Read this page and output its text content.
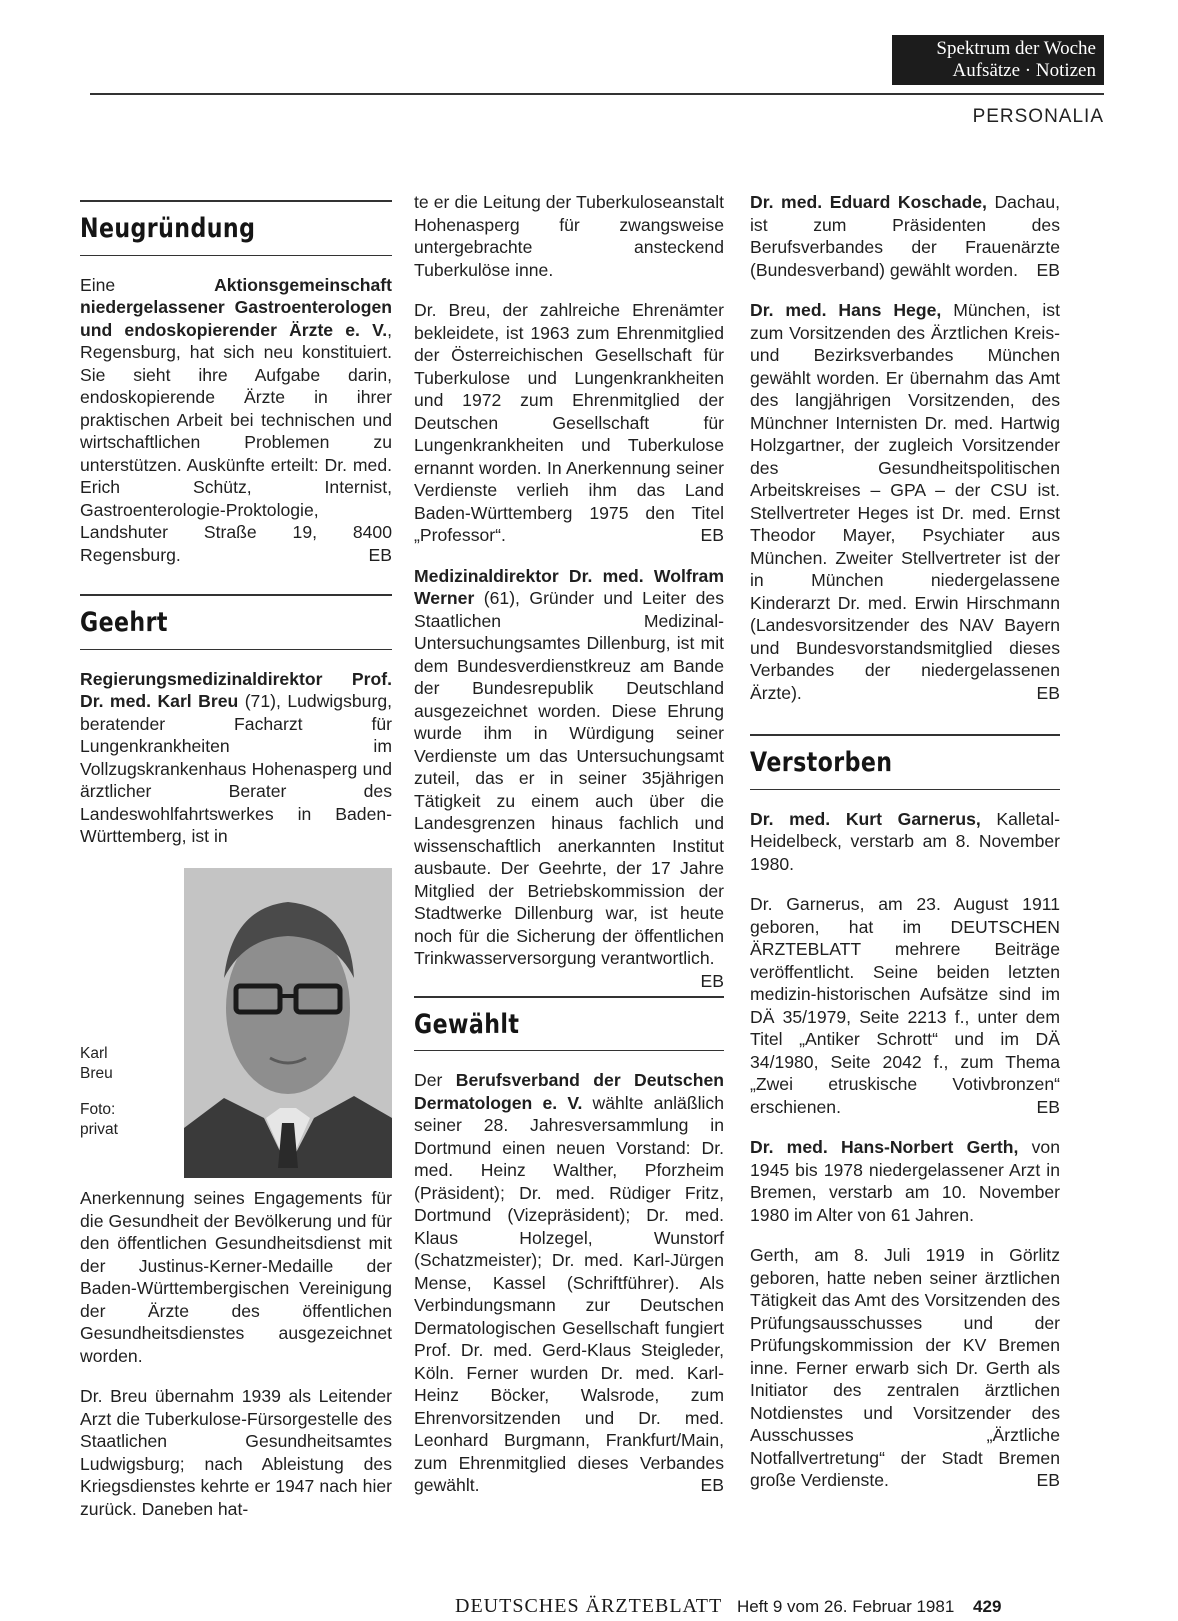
Spektrum der Woche
Aufsätze · Notizen
PERSONALIA
Neugründung

Eine Aktionsgemeinschaft niedergelassener Gastroenterologen und endoskopierender Ärzte e. V., Regensburg, hat sich neu konstituiert. Sie sieht ihre Aufgabe darin, endoskopierende Ärzte in ihrer praktischen Arbeit bei technischen und wirtschaftlichen Problemen zu unterstützen. Auskünfte erteilt: Dr. med. Erich Schütz, Internist, Gastroenterologie-Proktologie, Landshuter Straße 19, 8400 Regensburg.	EB

Geehrt

Regierungsmedizinaldirektor Prof. Dr. med. Karl Breu (71), Ludwigsburg, beratender Facharzt für Lungenkrankheiten im Vollzugskrankenhaus Hohenasperg und ärztlicher Berater des Landeswohlfahrtswerkes in Baden-Württemberg, ist in

Karl
Breu
Foto:
privat

Anerkennung seines Engagements für die Gesundheit der Bevölkerung und für den öffentlichen Gesundheitsdienst mit der Justinus-Kerner-Medaille der Baden-Württembergischen Vereinigung der Ärzte des öffentlichen Gesundheitsdienstes ausgezeichnet worden.

Dr. Breu übernahm 1939 als Leitender Arzt die Tuberkulose-Fürsorgestelle des Staatlichen Gesundheitsamtes Ludwigsburg; nach Ableistung des Kriegsdienstes kehrte er 1947 nach hier zurück. Daneben hat-

te er die Leitung der Tuberkuloseanstalt Hohenasperg für zwangsweise untergebrachte ansteckend Tuberkulöse inne.

Dr. Breu, der zahlreiche Ehrenämter bekleidete, ist 1963 zum Ehrenmitglied der Österreichischen Gesellschaft für Tuberkulose und Lungenkrankheiten und 1972 zum Ehrenmitglied der Deutschen Gesellschaft für Lungenkrankheiten und Tuberkulose ernannt worden. In Anerkennung seiner Verdienste verlieh ihm das Land Baden-Württemberg 1975 den Titel „Professor“.	EB

Medizinaldirektor Dr. med. Wolfram Werner (61), Gründer und Leiter des Staatlichen Medizinal-Untersuchungsamtes Dillenburg, ist mit dem Bundesverdienstkreuz am Bande der Bundesrepublik Deutschland ausgezeichnet worden. Diese Ehrung wurde ihm in Würdigung seiner Verdienste um das Untersuchungsamt zuteil, das er in seiner 35jährigen Tätigkeit zu einem auch über die Landesgrenzen hinaus fachlich und wissenschaftlich anerkannten Institut ausbaute. Der Geehrte, der 17 Jahre Mitglied der Betriebskommission der Stadtwerke Dillenburg war, ist heute noch für die Sicherung der öffentlichen Trinkwasserversorgung verantwortlich.
EB

Gewählt

Der Berufsverband der Deutschen Dermatologen e. V. wählte anläßlich seiner 28. Jahresversammlung in Dortmund einen neuen Vorstand: Dr. med. Heinz Walther, Pforzheim (Präsident); Dr. med. Rüdiger Fritz, Dortmund (Vizepräsident); Dr. med. Klaus Holzegel, Wunstorf (Schatzmeister); Dr. med. Karl-Jürgen Mense, Kassel (Schriftführer). Als Verbindungsmann zur Deutschen Dermatologischen Gesellschaft fungiert Prof. Dr. med. Gerd-Klaus Steigleder, Köln. Ferner wurden Dr. med. Karl-Heinz Böcker, Walsrode, zum Ehrenvorsitzenden und Dr. med. Leonhard Burgmann, Frankfurt/Main, zum Ehrenmitglied dieses Verbandes gewählt.	EB

Dr. med. Eduard Koschade, Dachau, ist zum Präsidenten des Berufsverbandes der Frauenärzte (Bundesverband) gewählt worden. EB

Dr. med. Hans Hege, München, ist zum Vorsitzenden des Ärztlichen Kreis- und Bezirksverbandes München gewählt worden. Er übernahm das Amt des langjährigen Vorsitzenden, des Münchner Internisten Dr. med. Hartwig Holzgartner, der zugleich Vorsitzender des Gesundheitspolitischen Arbeitskreises – GPA – der CSU ist. Stellvertreter Heges ist Dr. med. Ernst Theodor Mayer, Psychiater aus München. Zweiter Stellvertreter ist der in München niedergelassene Kinderarzt Dr. med. Erwin Hirschmann (Landesvorsitzender des NAV Bayern und Bundesvorstandsmitglied dieses Verbandes der niedergelassenen Ärzte).	EB

Verstorben

Dr. med. Kurt Garnerus, Kalletal-Heidelbeck, verstarb am 8. November 1980.

Dr. Garnerus, am 23. August 1911 geboren, hat im DEUTSCHEN ÄRZTEBLATT mehrere Beiträge veröffentlicht. Seine beiden letzten medizin-historischen Aufsätze sind im DÄ 35/1979, Seite 2213 f., unter dem Titel „Antiker Schrott“ und im DÄ 34/1980, Seite 2042 f., zum Thema „Zwei etruskische Votivbronzen“ erschienen.	EB

Dr. med. Hans-Norbert Gerth, von 1945 bis 1978 niedergelassener Arzt in Bremen, verstarb am 10. November 1980 im Alter von 61 Jahren.

Gerth, am 8. Juli 1919 in Görlitz geboren, hatte neben seiner ärztlichen Tätigkeit das Amt des Vorsitzenden des Prüfungsausschusses und der Prüfungskommission der KV Bremen inne. Ferner erwarb sich Dr. Gerth als Initiator des zentralen ärztlichen Notdienstes und Vorsitzender des Ausschusses „Ärztliche Notfallvertretung“ der Stadt Bremen große Verdienste.	EB

DEUTSCHES ÄRZTEBLATT Heft 9 vom 26. Februar 1981 429
